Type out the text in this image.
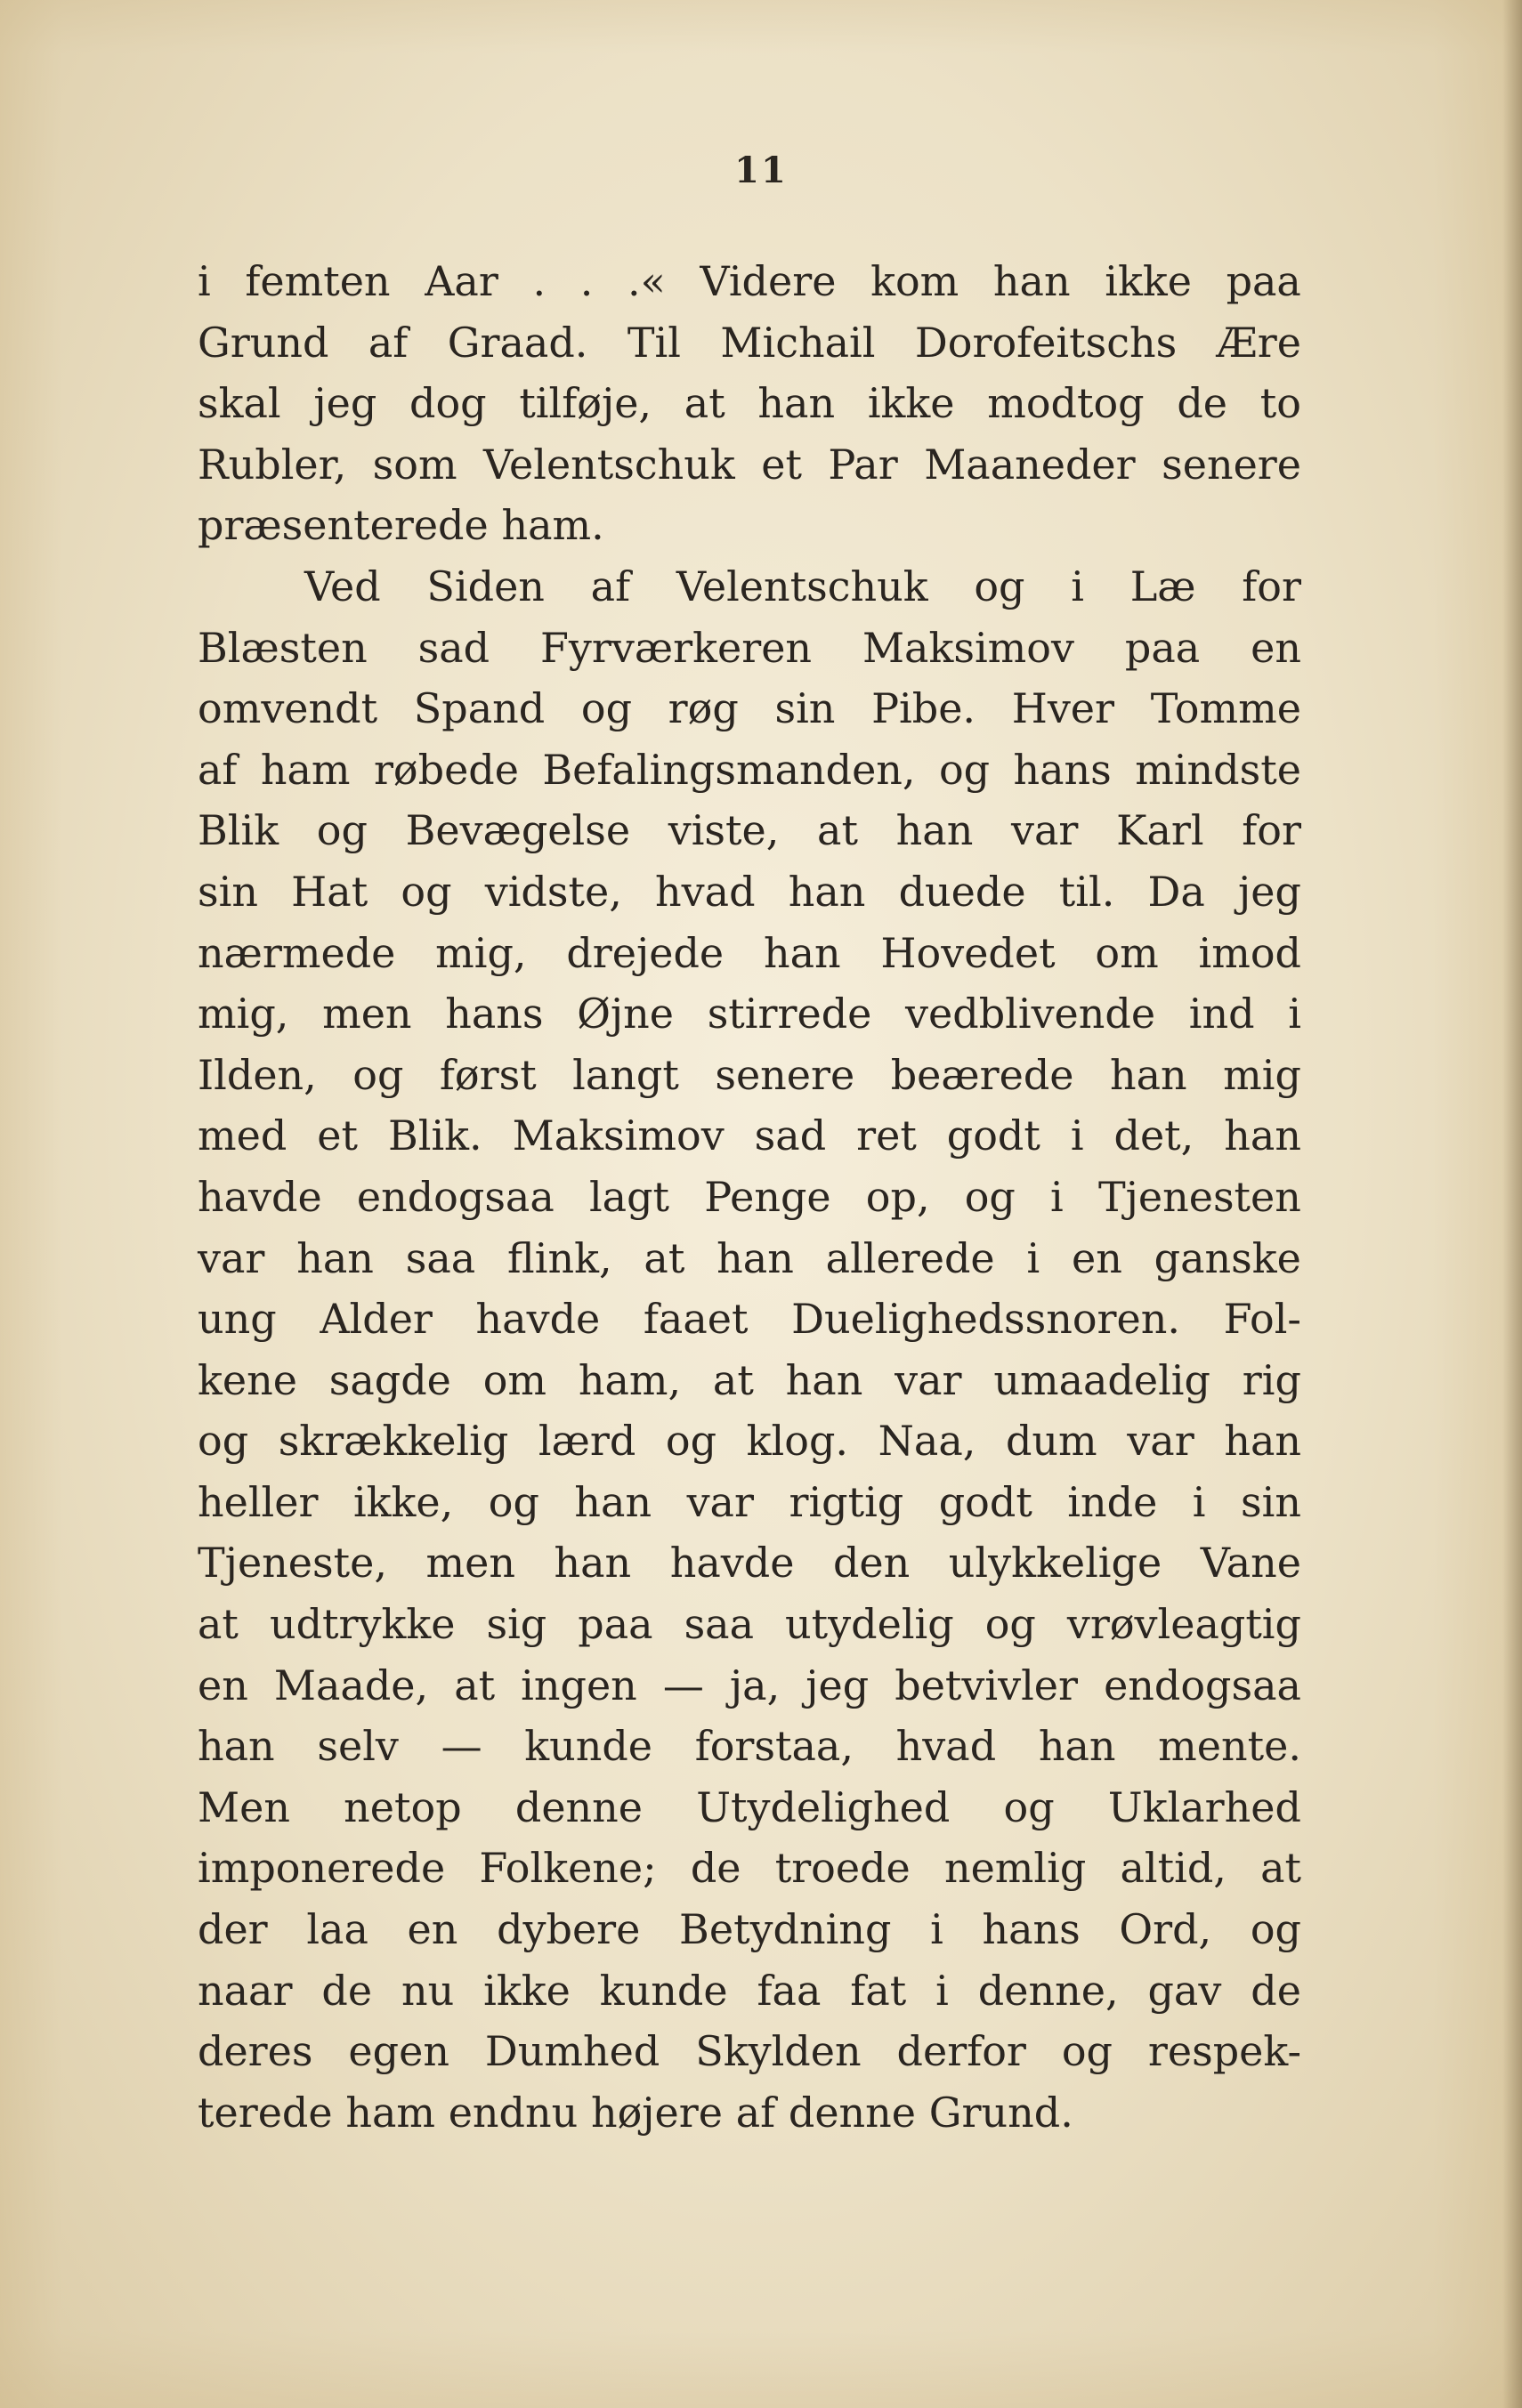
11
i femten Aar . . .« Videre kom han ikke paa
Grund af Graad. Til Michail Dorofeitschs Ære
skal jeg dog tilføje, at han ikke modtog de to
Rubler, som Velentschuk et Par Maaneder senere
præsenterede ham.
Ved Siden af Velentschuk og i Læ for
Blæsten sad Fyrværkeren Maksimov paa en
omvendt Spand og røg sin Pibe. Hver Tomme
af ham røbede Befalingsmanden, og hans mindste
Blik og Bevægelse viste, at han var Karl for
sin Hat og vidste, hvad han duede til. Da jeg
nærmede mig, drejede han Hovedet om imod
mig, men hans Øjne stirrede vedblivende ind i
Ilden, og først langt senere beærede han mig
med et Blik. Maksimov sad ret godt i det, han
havde endogsaa lagt Penge op, og i Tjenesten
var han saa flink, at han allerede i en ganske
ung Alder havde faaet Duelighedssnoren. Fol-
kene sagde om ham, at han var umaadelig rig
og skrækkelig lærd og klog. Naa, dum var han
heller ikke, og han var rigtig godt inde i sin
Tjeneste, men han havde den ulykkelige Vane
at udtrykke sig paa saa utydelig og vrøvleagtig
en Maade, at ingen — ja, jeg betvivler endogsaa
han selv — kunde forstaa, hvad han mente.
Men netop denne Utydelighed og Uklarhed
imponerede Folkene; de troede nemlig altid, at
der laa en dybere Betydning i hans Ord, og
naar de nu ikke kunde faa fat i denne, gav de
deres egen Dumhed Skylden derfor og respek-
terede ham endnu højere af denne Grund.
